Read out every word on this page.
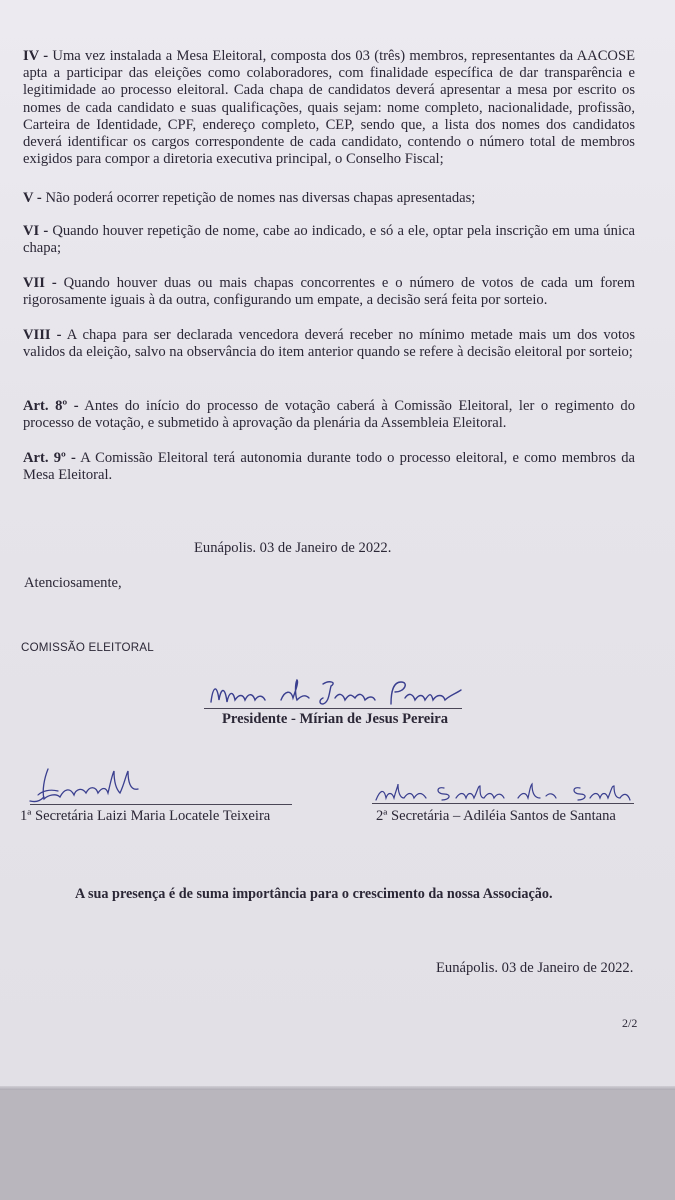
IV - Uma vez instalada a Mesa Eleitoral, composta dos 03 (três) membros, representantes da AACOSE apta a participar das eleições como colaboradores, com finalidade específica de dar transparência e legitimidade ao processo eleitoral. Cada chapa de candidatos deverá apresentar a mesa por escrito os nomes de cada candidato e suas qualificações, quais sejam: nome completo, nacionalidade, profissão, Carteira de Identidade, CPF, endereço completo, CEP, sendo que, a lista dos nomes dos candidatos deverá identificar os cargos correspondente de cada candidato, contendo o número total de membros exigidos para compor a diretoria executiva principal, o Conselho Fiscal;

V - Não poderá ocorrer repetição de nomes nas diversas chapas apresentadas;

VI - Quando houver repetição de nome, cabe ao indicado, e só a ele, optar pela inscrição em uma única chapa;

VII - Quando houver duas ou mais chapas concorrentes e o número de votos de cada um forem rigorosamente iguais à da outra, configurando um empate, a decisão será feita por sorteio.

VIII - A chapa para ser declarada vencedora deverá receber no mínimo metade mais um dos votos validos da eleição, salvo na observância do item anterior quando se refere à decisão eleitoral por sorteio;

Art. 8º - Antes do início do processo de votação caberá à Comissão Eleitoral, ler o regimento do processo de votação, e submetido à aprovação da plenária da Assembleia Eleitoral.

Art. 9º - A Comissão Eleitoral terá autonomia durante todo o processo eleitoral, e como membros da Mesa Eleitoral.

Eunápolis. 03 de Janeiro de 2022.

Atenciosamente,

COMISSÃO ELEITORAL

Presidente - Mírian de Jesus Pereira

1ª Secretária Laizi Maria Locatele Teixeira	2ª Secretária – Adiléia Santos de Santana

A sua presença é de suma importância para o crescimento da nossa Associação.

Eunápolis. 03 de Janeiro de 2022.

2/2
